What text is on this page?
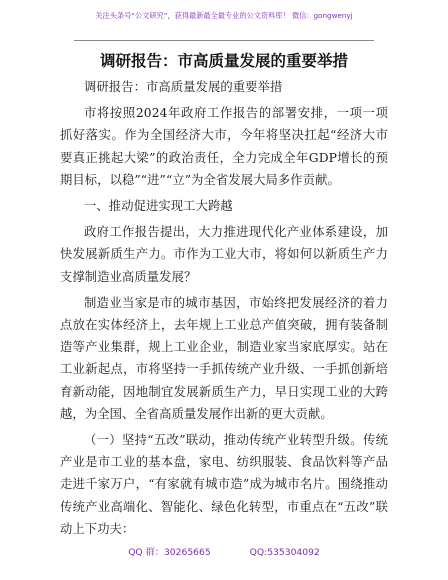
关注头条号“公文研究”，获得最新最全最专业的公文资料库！ 微信：gongwenyj
调研报告：市高质量发展的重要举措

调研报告：市高质量发展的重要举措

市将按照2024年政府工作报告的部署安排，一项一项抓好落实。作为全国经济大市，今年将坚决扛起“经济大市要真正挑起大梁”的政治责任，全力完成全年GDP增长的预期目标，以稳”“进”“立”为全省发展大局多作贡献。

一、推动促进实现工大跨越

政府工作报告提出，大力推进现代化产业体系建设，加快发展新质生产力。市作为工业大市，将如何以新质生产力支撑制造业高质量发展？

制造业当家是市的城市基因，市始终把发展经济的着力点放在实体经济上，去年规上工业总产值突破，拥有装备制造等产业集群，规上工业企业，制造业家当家底厚实。站在工业新起点，市将坚持一手抓传统产业升级、一手抓创新培育新动能，因地制宜发展新质生产力，早日实现工业的大跨越，为全国、全省高质量发展作出新的更大贡献。

（一）坚持“五改”联动，推动传统产业转型升级。传统产业是市工业的基本盘，家电、纺织服装、食品饮料等产品走进千家万户，“有家就有城市造”成为城市名片。围绕推动传统产业高端化、智能化、绿色化转型，市重点在“五改”联动上下功夫：

QQ 群：30265665	QQ:535304092
